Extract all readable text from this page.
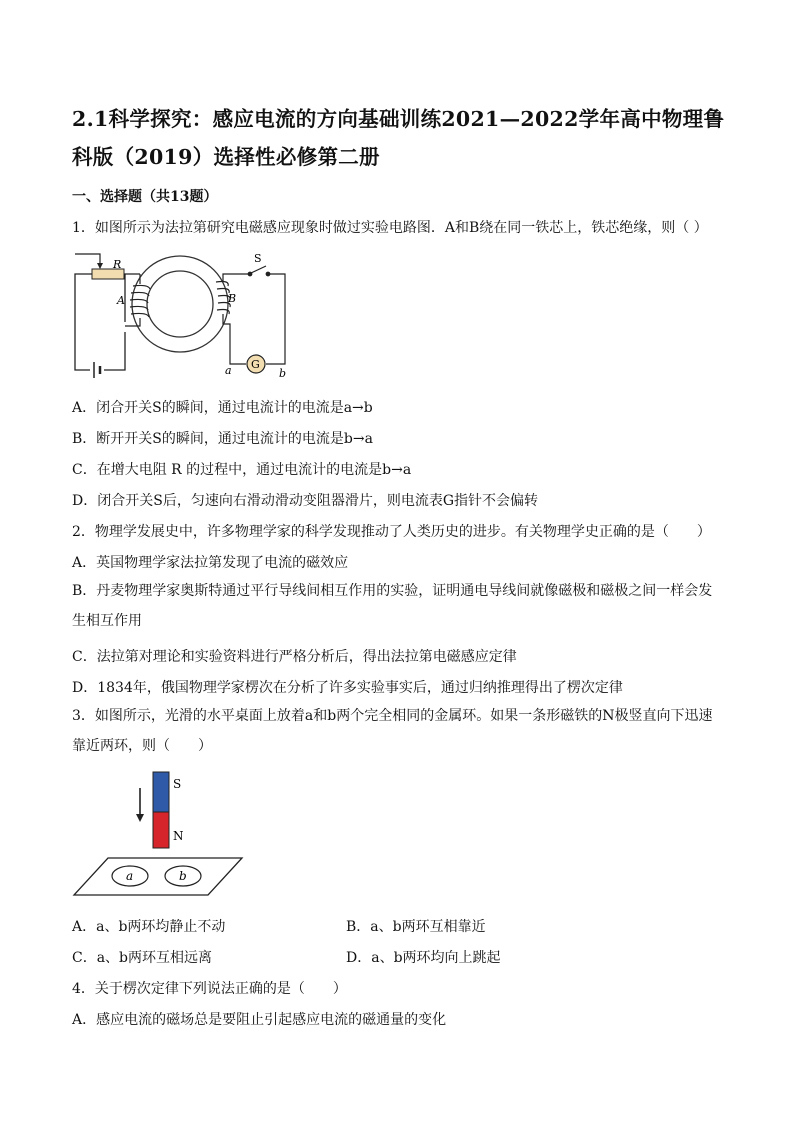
2.1科学探究：感应电流的方向基础训练2021—2022学年高中物理鲁科版（2019）选择性必修第二册
一、选择题（共13题）
1．如图所示为法拉第研究电磁感应现象时做过实验电路图．A和B绕在同一铁芯上，铁芯绝缘，则（ ）
R
A	B
S
G
a	b
A．闭合开关S的瞬间，通过电流计的电流是a→b
B．断开开关S的瞬间，通过电流计的电流是b→a
C．在增大电阻 R 的过程中，通过电流计的电流是b→a
D．闭合开关S后，匀速向右滑动滑动变阻器滑片，则电流表G指针不会偏转
2．物理学发展史中，许多物理学家的科学发现推动了人类历史的进步。有关物理学史正确的是（　　）
A．英国物理学家法拉第发现了电流的磁效应
B．丹麦物理学家奥斯特通过平行导线间相互作用的实验，证明通电导线间就像磁极和磁极之间一样会发生相互作用
C．法拉第对理论和实验资料进行严格分析后，得出法拉第电磁感应定律
D．1834年，俄国物理学家楞次在分析了许多实验事实后，通过归纳推理得出了楞次定律
3．如图所示，光滑的水平桌面上放着a和b两个完全相同的金属环。如果一条形磁铁的N极竖直向下迅速靠近两环，则（　　）
S
N
a	b
A．a、b两环均静止不动	B．a、b两环互相靠近
C．a、b两环互相远离	D．a、b两环均向上跳起
4．关于楞次定律下列说法正确的是（　　）
A．感应电流的磁场总是要阻止引起感应电流的磁通量的变化
